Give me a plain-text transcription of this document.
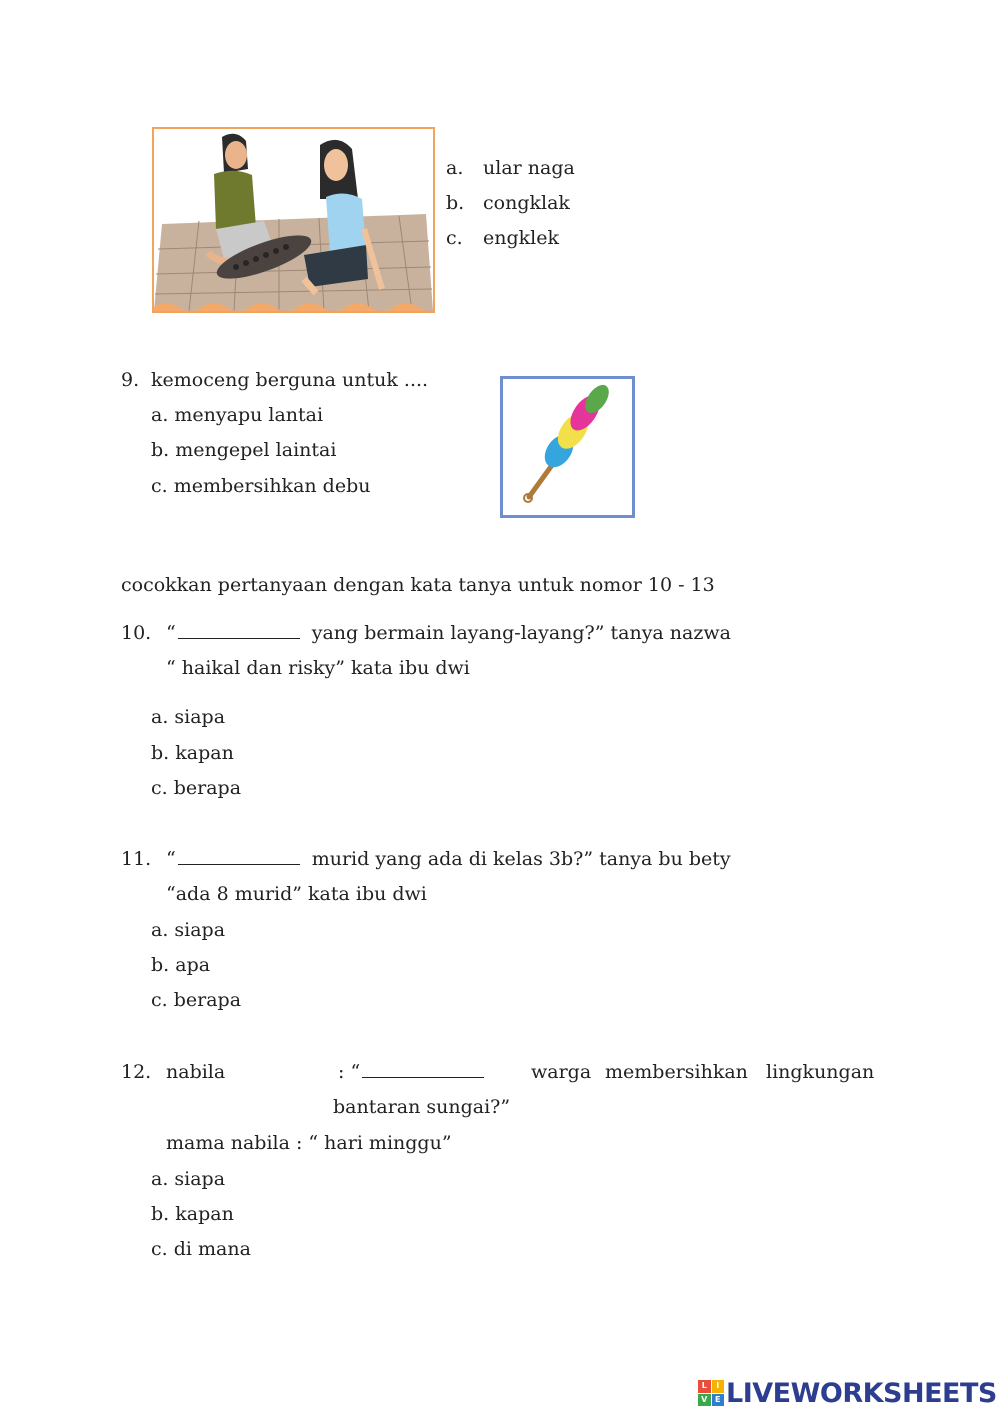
a. ular naga
b. congklak
c. engklek
9. kemoceng berguna untuk ....
a. menyapu lantai
b. mengepel laintai
c. membersihkan debu
cocokkan pertanyaan dengan kata tanya untuk nomor 10 - 13
10. “	yang bermain layang-layang?” tanya nazwa
“ haikal dan risky” kata ibu dwi
a. siapa
b. kapan
c. berapa
11. “	murid yang ada di kelas 3b?” tanya bu bety
“ada 8 murid” kata ibu dwi
a. siapa
b. apa
c. berapa
12. nabila	: “	warga membersihkan lingkungan
bantaran sungai?”
mama nabila : “ hari minggu”
a. siapa
b. kapan
c. di mana
L	I
V E LIVEWORKSHEETS
